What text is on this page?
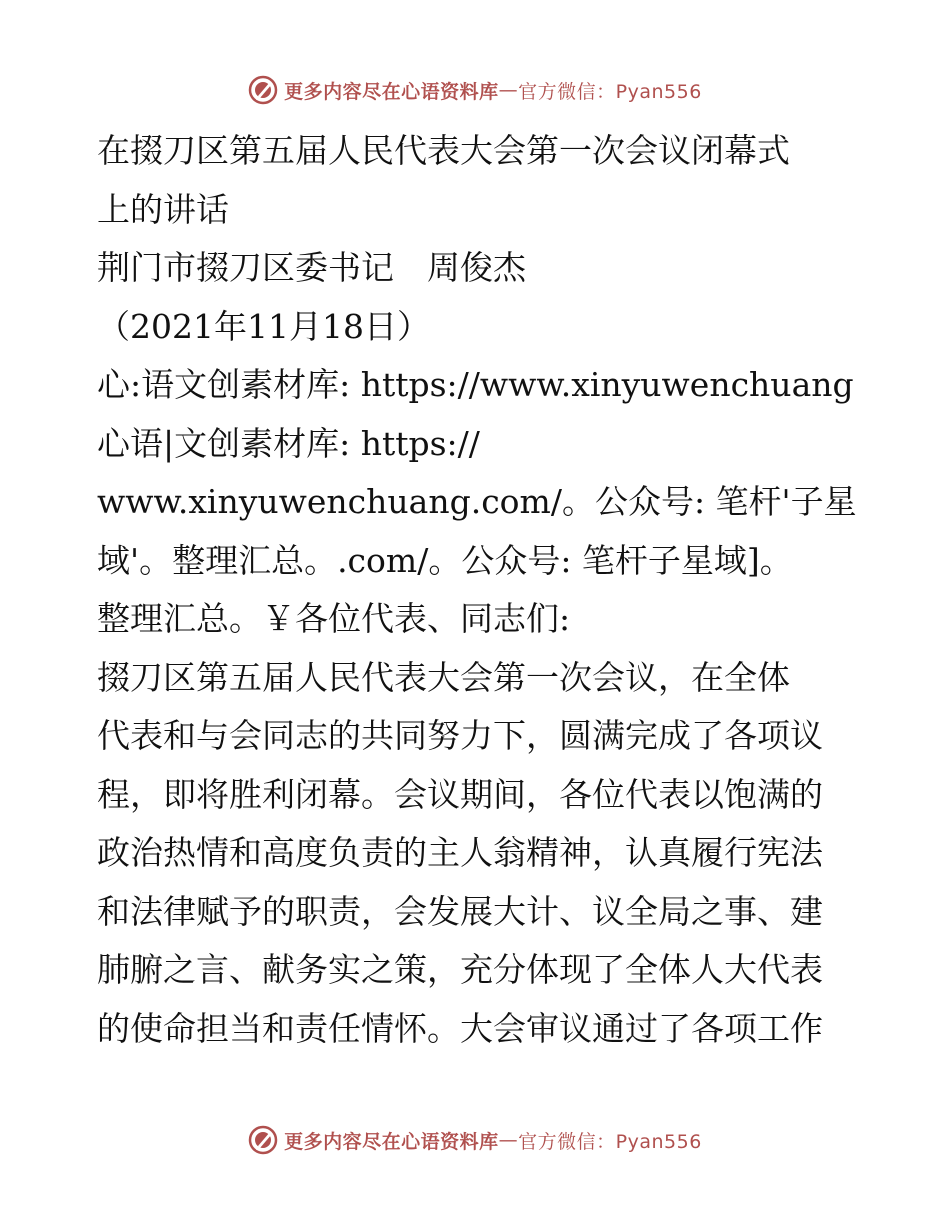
更多内容尽在心语资料库 — 官方微信：Pyan556
在掇刀区第五届人民代表大会第一次会议闭幕式
上的讲话
荆门市掇刀区委书记　周俊杰
（2021年11月18日）
心:语文创素材库: https://www.xinyuwenchuang
心语|文创素材库: https://
www.xinyuwenchuang.com/。公众号: 笔杆'子星
域'。整理汇总。.com/。公众号: 笔杆子星域]。
整理汇总。￥各位代表、同志们:
掇刀区第五届人民代表大会第一次会议，在全体
代表和与会同志的共同努力下，圆满完成了各项议
程，即将胜利闭幕。会议期间，各位代表以饱满的
政治热情和高度负责的主人翁精神，认真履行宪法
和法律赋予的职责，会发展大计、议全局之事、建
肺腑之言、献务实之策，充分体现了全体人大代表
的使命担当和责任情怀。大会审议通过了各项工作
更多内容尽在心语资料库 — 官方微信：Pyan556
